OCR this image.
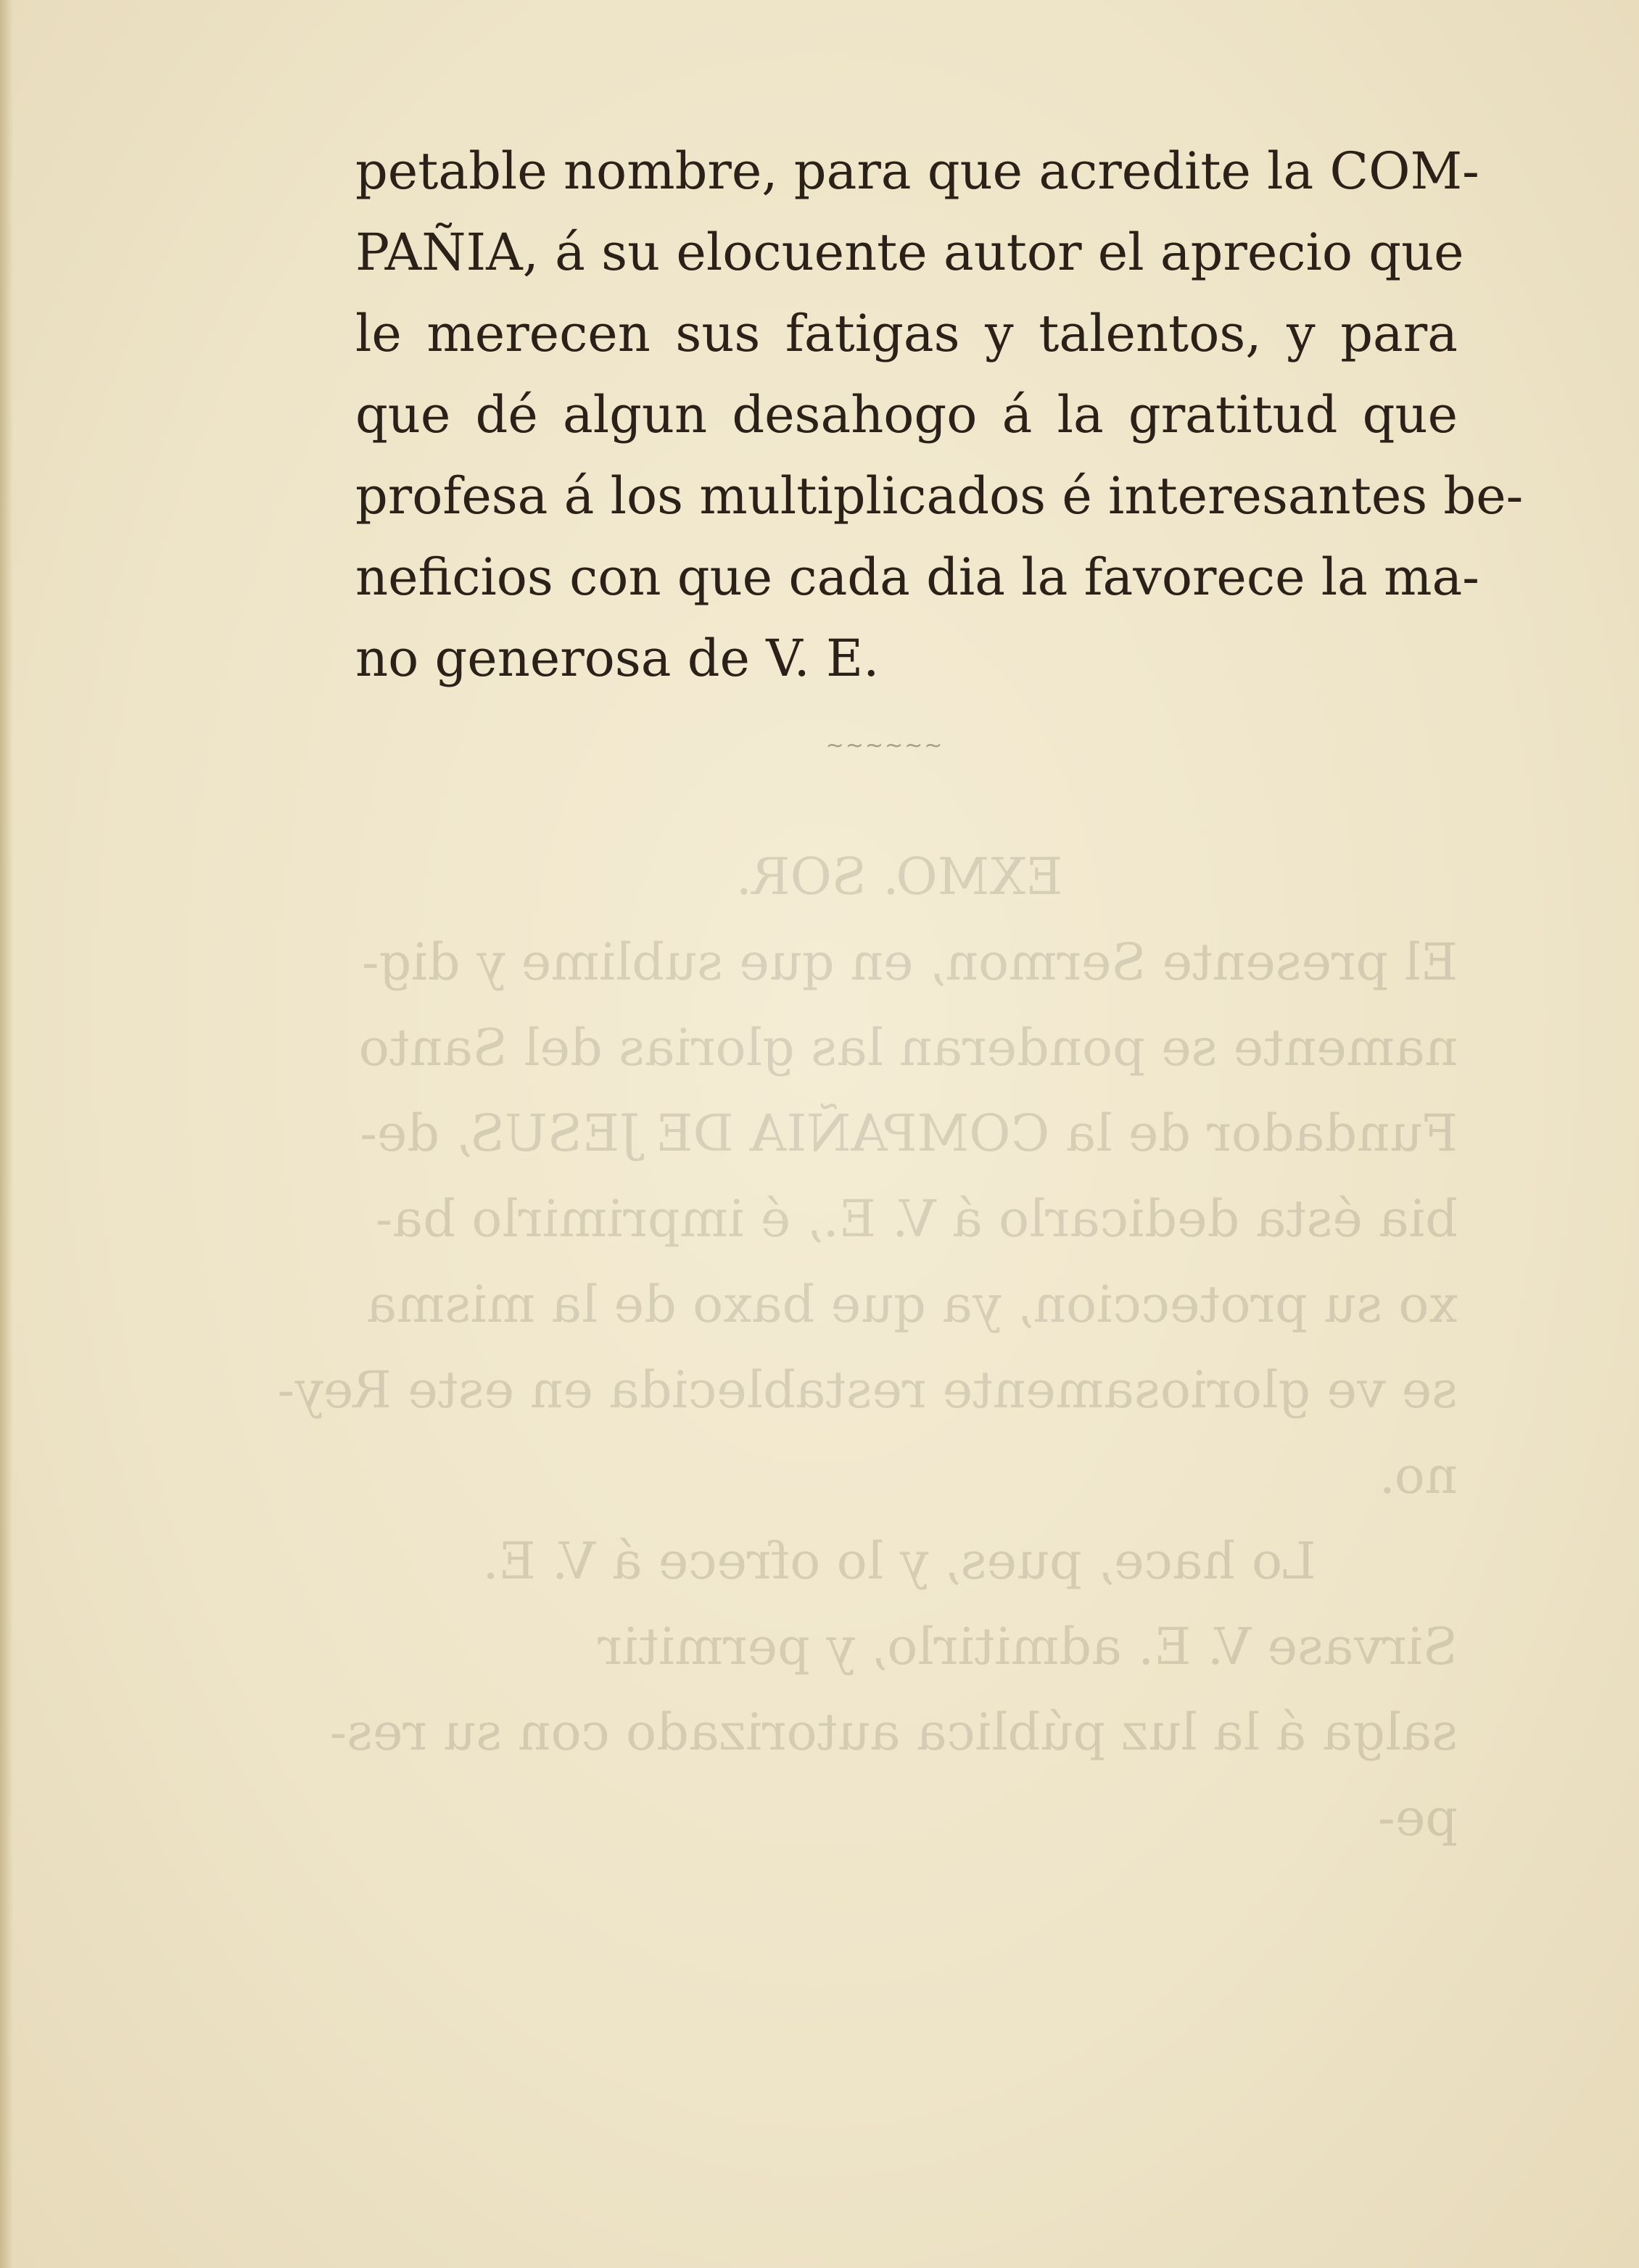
EXMO. SOR.
El presente Sermon, en que sublime y dig-
namente se ponderan las glorias del Santo
Fundador de la COMPAÑIA DE JESUS, de-
bia ésta dedicarlo á V. E., é imprimirlo ba-
xo su proteccion, ya que baxo de la misma
se ve gloriosamente restablecida en este Rey-
no.
Lo hace, pues, y lo ofrece á V. E.
Sirvase V. E. admitirlo, y permitir
salga á la luz pública autorizado con su res-
pe-
petable nombre, para que acredite la COM-
PAÑIA, á su elocuente autor el aprecio que
le merecen sus fatigas y talentos, y para
que dé algun desahogo á la gratitud que
profesa á los multiplicados é interesantes be-
neficios con que cada dia la favorece la ma-
no generosa de V. E.
~~~~~~
